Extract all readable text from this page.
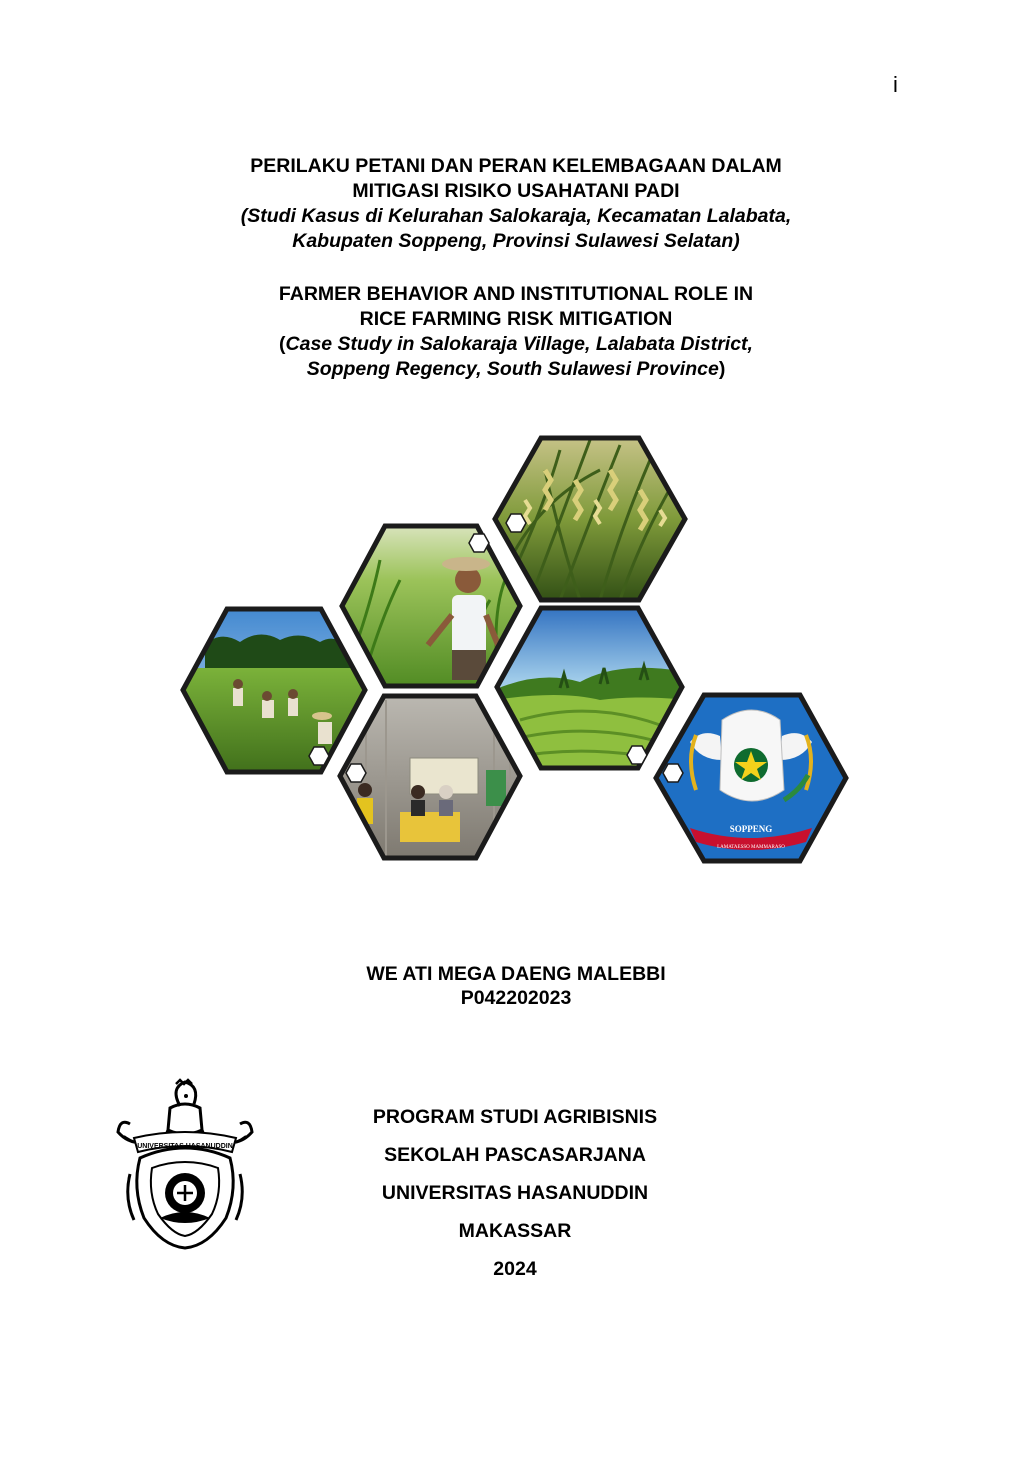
i
PERILAKU PETANI DAN PERAN KELEMBAGAAN DALAM
MITIGASI RISIKO USAHATANI PADI
(Studi Kasus di Kelurahan Salokaraja, Kecamatan Lalabata,
Kabupaten Soppeng, Provinsi Sulawesi Selatan)
FARMER BEHAVIOR AND INSTITUTIONAL ROLE IN
RICE FARMING RISK MITIGATION
(Case Study in Salokaraja Village, Lalabata District,
Soppeng Regency, South Sulawesi Province)
SOPPENG
LAMATAESSO MAMMARASO
WE ATI MEGA DAENG MALEBBI
P042202023
UNIVERSITAS HASANUDDIN
PROGRAM STUDI AGRIBISNIS
SEKOLAH PASCASARJANA
UNIVERSITAS HASANUDDIN
MAKASSAR
2024
